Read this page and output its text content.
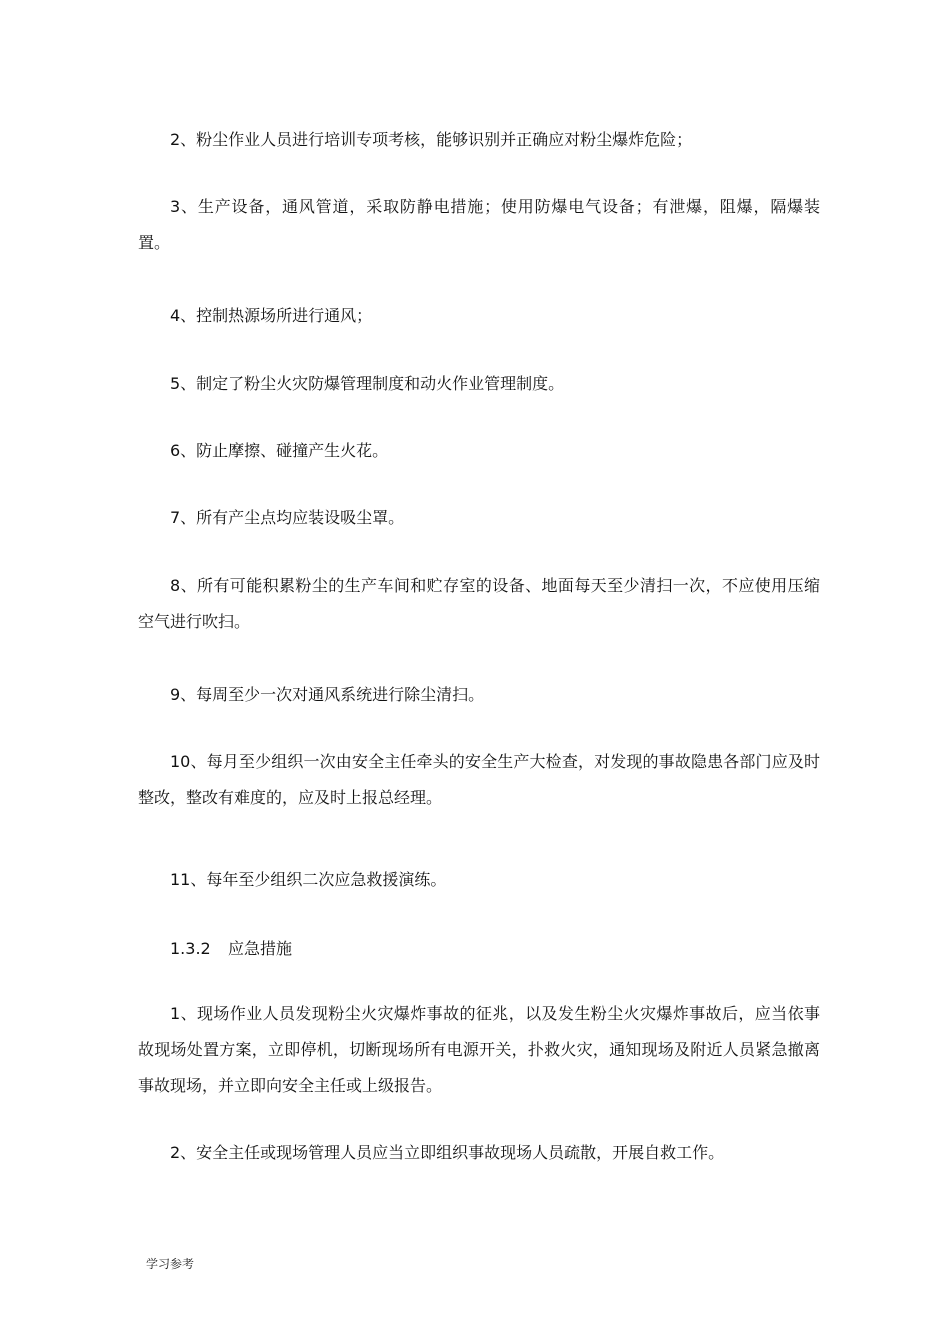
2、粉尘作业人员进行培训专项考核，能够识别并正确应对粉尘爆炸危险；

3、生产设备，通风管道，采取防静电措施；使用防爆电气设备；有泄爆，阻爆，隔爆装置。

4、控制热源场所进行通风；

5、制定了粉尘火灾防爆管理制度和动火作业管理制度。

6、防止摩擦、碰撞产生火花。

7、所有产尘点均应装设吸尘罩。

8、所有可能积累粉尘的生产车间和贮存室的设备、地面每天至少清扫一次，不应使用压缩空气进行吹扫。

9、每周至少一次对通风系统进行除尘清扫。

10、每月至少组织一次由安全主任牵头的安全生产大检查，对发现的事故隐患各部门应及时整改，整改有难度的，应及时上报总经理。

11、每年至少组织二次应急救援演练。

1.3.2 应急措施

1、现场作业人员发现粉尘火灾爆炸事故的征兆，以及发生粉尘火灾爆炸事故后，应当依事故现场处置方案，立即停机，切断现场所有电源开关，扑救火灾，通知现场及附近人员紧急撤离事故现场，并立即向安全主任或上级报告。

2、安全主任或现场管理人员应当立即组织事故现场人员疏散，开展自救工作。

学习参考
